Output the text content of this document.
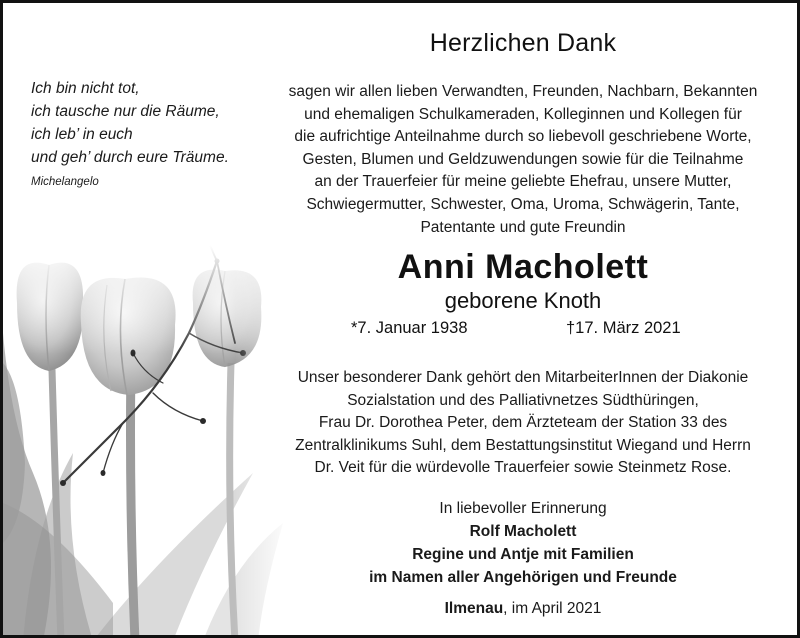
Ich bin nicht tot,
ich tausche nur die Räume,
ich leb’ in euch
und geh’ durch eure Träume.
Michelangelo
Herzlichen Dank
sagen wir allen lieben Verwandten, Freunden, Nachbarn, Bekannten
und ehemaligen Schulkameraden, Kolleginnen und Kollegen für
die aufrichtige Anteilnahme durch so liebevoll geschriebene Worte,
Gesten, Blumen und Geldzuwendungen sowie für die Teilnahme
an der Trauerfeier für meine geliebte Ehefrau, unsere Mutter,
Schwiegermutter, Schwester, Oma, Uroma, Schwägerin, Tante,
Patentante und gute Freundin
Anni Macholett
geborene Knoth
*7. Januar 1938	†17. März 2021
Unser besonderer Dank gehört den MitarbeiterInnen der Diakonie
Sozialstation und des Palliativnetzes Südthüringen,
Frau Dr. Dorothea Peter, dem Ärzteteam der Station 33 des
Zentralklinikums Suhl, dem Bestattungsinstitut Wiegand und Herrn
Dr. Veit für die würdevolle Trauerfeier sowie Steinmetz Rose.
In liebevoller Erinnerung
Rolf Macholett
Regine und Antje mit Familien
im Namen aller Angehörigen und Freunde
Ilmenau, im April 2021
